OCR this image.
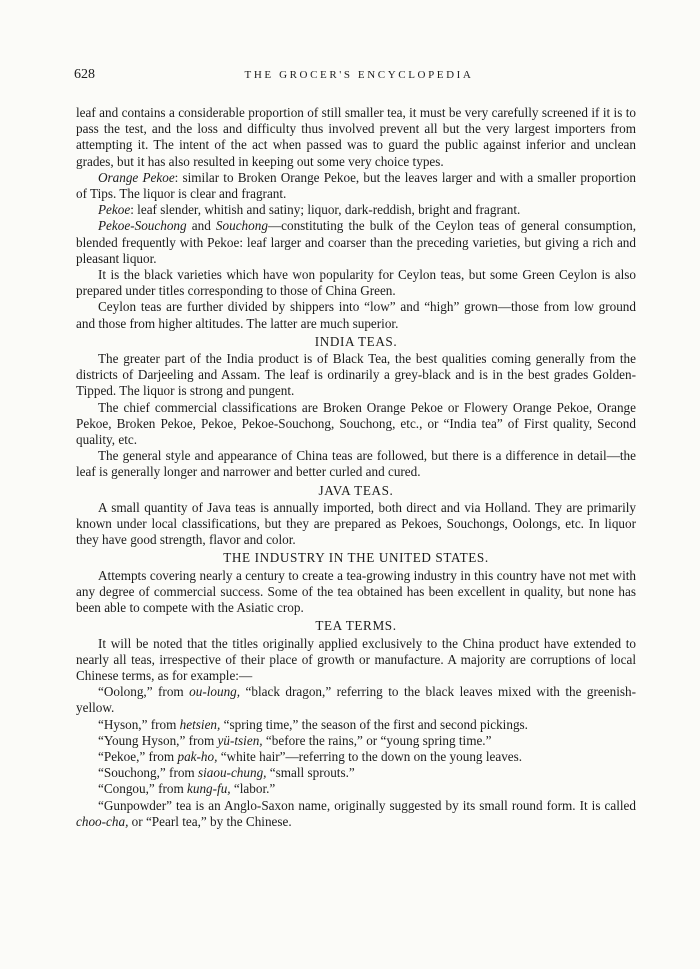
628	THE GROCER'S ENCYCLOPEDIA

leaf and contains a considerable proportion of still smaller tea, it must be very carefully screened if it is to pass the test, and the loss and difficulty thus involved prevent all but the very largest importers from attempting it. The intent of the act when passed was to guard the public against inferior and unclean grades, but it has also resulted in keeping out some very choice types.

Orange Pekoe: similar to Broken Orange Pekoe, but the leaves larger and with a smaller proportion of Tips. The liquor is clear and fragrant.

Pekoe: leaf slender, whitish and satiny; liquor, dark-reddish, bright and fragrant.

Pekoe-Souchong and Souchong—constituting the bulk of the Ceylon teas of general consumption, blended frequently with Pekoe: leaf larger and coarser than the preceding varieties, but giving a rich and pleasant liquor.

It is the black varieties which have won popularity for Ceylon teas, but some Green Ceylon is also prepared under titles corresponding to those of China Green.

Ceylon teas are further divided by shippers into “low” and “high” grown—those from low ground and those from higher altitudes. The latter are much superior.

INDIA TEAS.

The greater part of the India product is of Black Tea, the best qualities coming generally from the districts of Darjeeling and Assam. The leaf is ordinarily a grey-black and is in the best grades Golden-Tipped. The liquor is strong and pungent.

The chief commercial classifications are Broken Orange Pekoe or Flowery Orange Pekoe, Orange Pekoe, Broken Pekoe, Pekoe, Pekoe-Souchong, Souchong, etc., or “India tea” of First quality, Second quality, etc.

The general style and appearance of China teas are followed, but there is a difference in detail—the leaf is generally longer and narrower and better curled and cured.

JAVA TEAS.

A small quantity of Java teas is annually imported, both direct and via Holland. They are primarily known under local classifications, but they are prepared as Pekoes, Souchongs, Oolongs, etc. In liquor they have good strength, flavor and color.

THE INDUSTRY IN THE UNITED STATES.

Attempts covering nearly a century to create a tea-growing industry in this country have not met with any degree of commercial success. Some of the tea obtained has been excellent in quality, but none has been able to compete with the Asiatic crop.

TEA TERMS.

It will be noted that the titles originally applied exclusively to the China product have extended to nearly all teas, irrespective of their place of growth or manufacture. A majority are corruptions of local Chinese terms, as for example:—

“Oolong,” from ou-loung, “black dragon,” referring to the black leaves mixed with the greenish-yellow.

“Hyson,” from hetsien, “spring time,” the season of the first and second pickings.

“Young Hyson,” from yü-tsien, “before the rains,” or “young spring time.”

“Pekoe,” from pak-ho, “white hair”—referring to the down on the young leaves.

“Souchong,” from siaou-chung, “small sprouts.”

“Congou,” from kung-fu, “labor.”

“Gunpowder” tea is an Anglo-Saxon name, originally suggested by its small round form. It is called choo-cha, or “Pearl tea,” by the Chinese.
